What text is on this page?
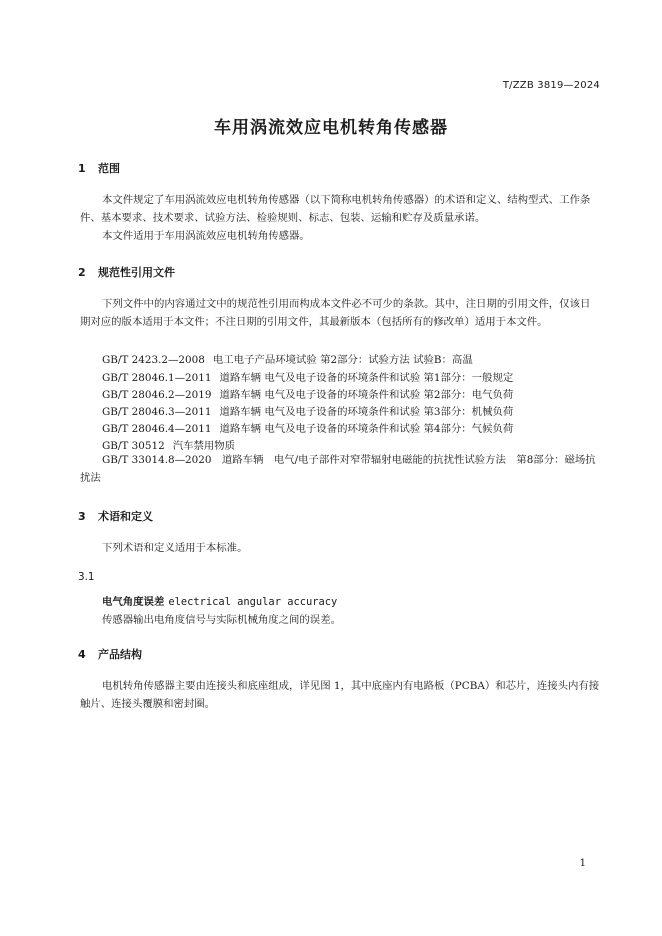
T/ZZB 3819—2024
车用涡流效应电机转角传感器
1 范围
本文件规定了车用涡流效应电机转角传感器（以下简称电机转角传感器）的术语和定义、结构型式、工作条件、基本要求、技术要求、试验方法、检验规则、标志、包装、运输和贮存及质量承诺。
本文件适用于车用涡流效应电机转角传感器。
2 规范性引用文件
下列文件中的内容通过文中的规范性引用而构成本文件必不可少的条款。其中，注日期的引用文件，仅该日期对应的版本适用于本文件；不注日期的引用文件，其最新版本（包括所有的修改单）适用于本文件。
GB/T 2423.2—2008 电工电子产品环境试验 第2部分：试验方法 试验B：高温
GB/T 28046.1—2011 道路车辆 电气及电子设备的环境条件和试验 第1部分：一般规定
GB/T 28046.2—2019 道路车辆 电气及电子设备的环境条件和试验 第2部分：电气负荷
GB/T 28046.3—2011 道路车辆 电气及电子设备的环境条件和试验 第3部分：机械负荷
GB/T 28046.4—2011 道路车辆 电气及电子设备的环境条件和试验 第4部分：气候负荷
GB/T 30512 汽车禁用物质
GB/T 33014.8—2020　道路车辆　电气/电子部件对窄带辐射电磁能的抗扰性试验方法　第8部分：磁场抗扰法
3 术语和定义
下列术语和定义适用于本标准。
3.1
电气角度误差 electrical angular accuracy
传感器输出电角度信号与实际机械角度之间的误差。
4 产品结构
电机转角传感器主要由连接头和底座组成，详见图 1，其中底座内有电路板（PCBA）和芯片，连接头内有接触片、连接头覆膜和密封圈。
1
